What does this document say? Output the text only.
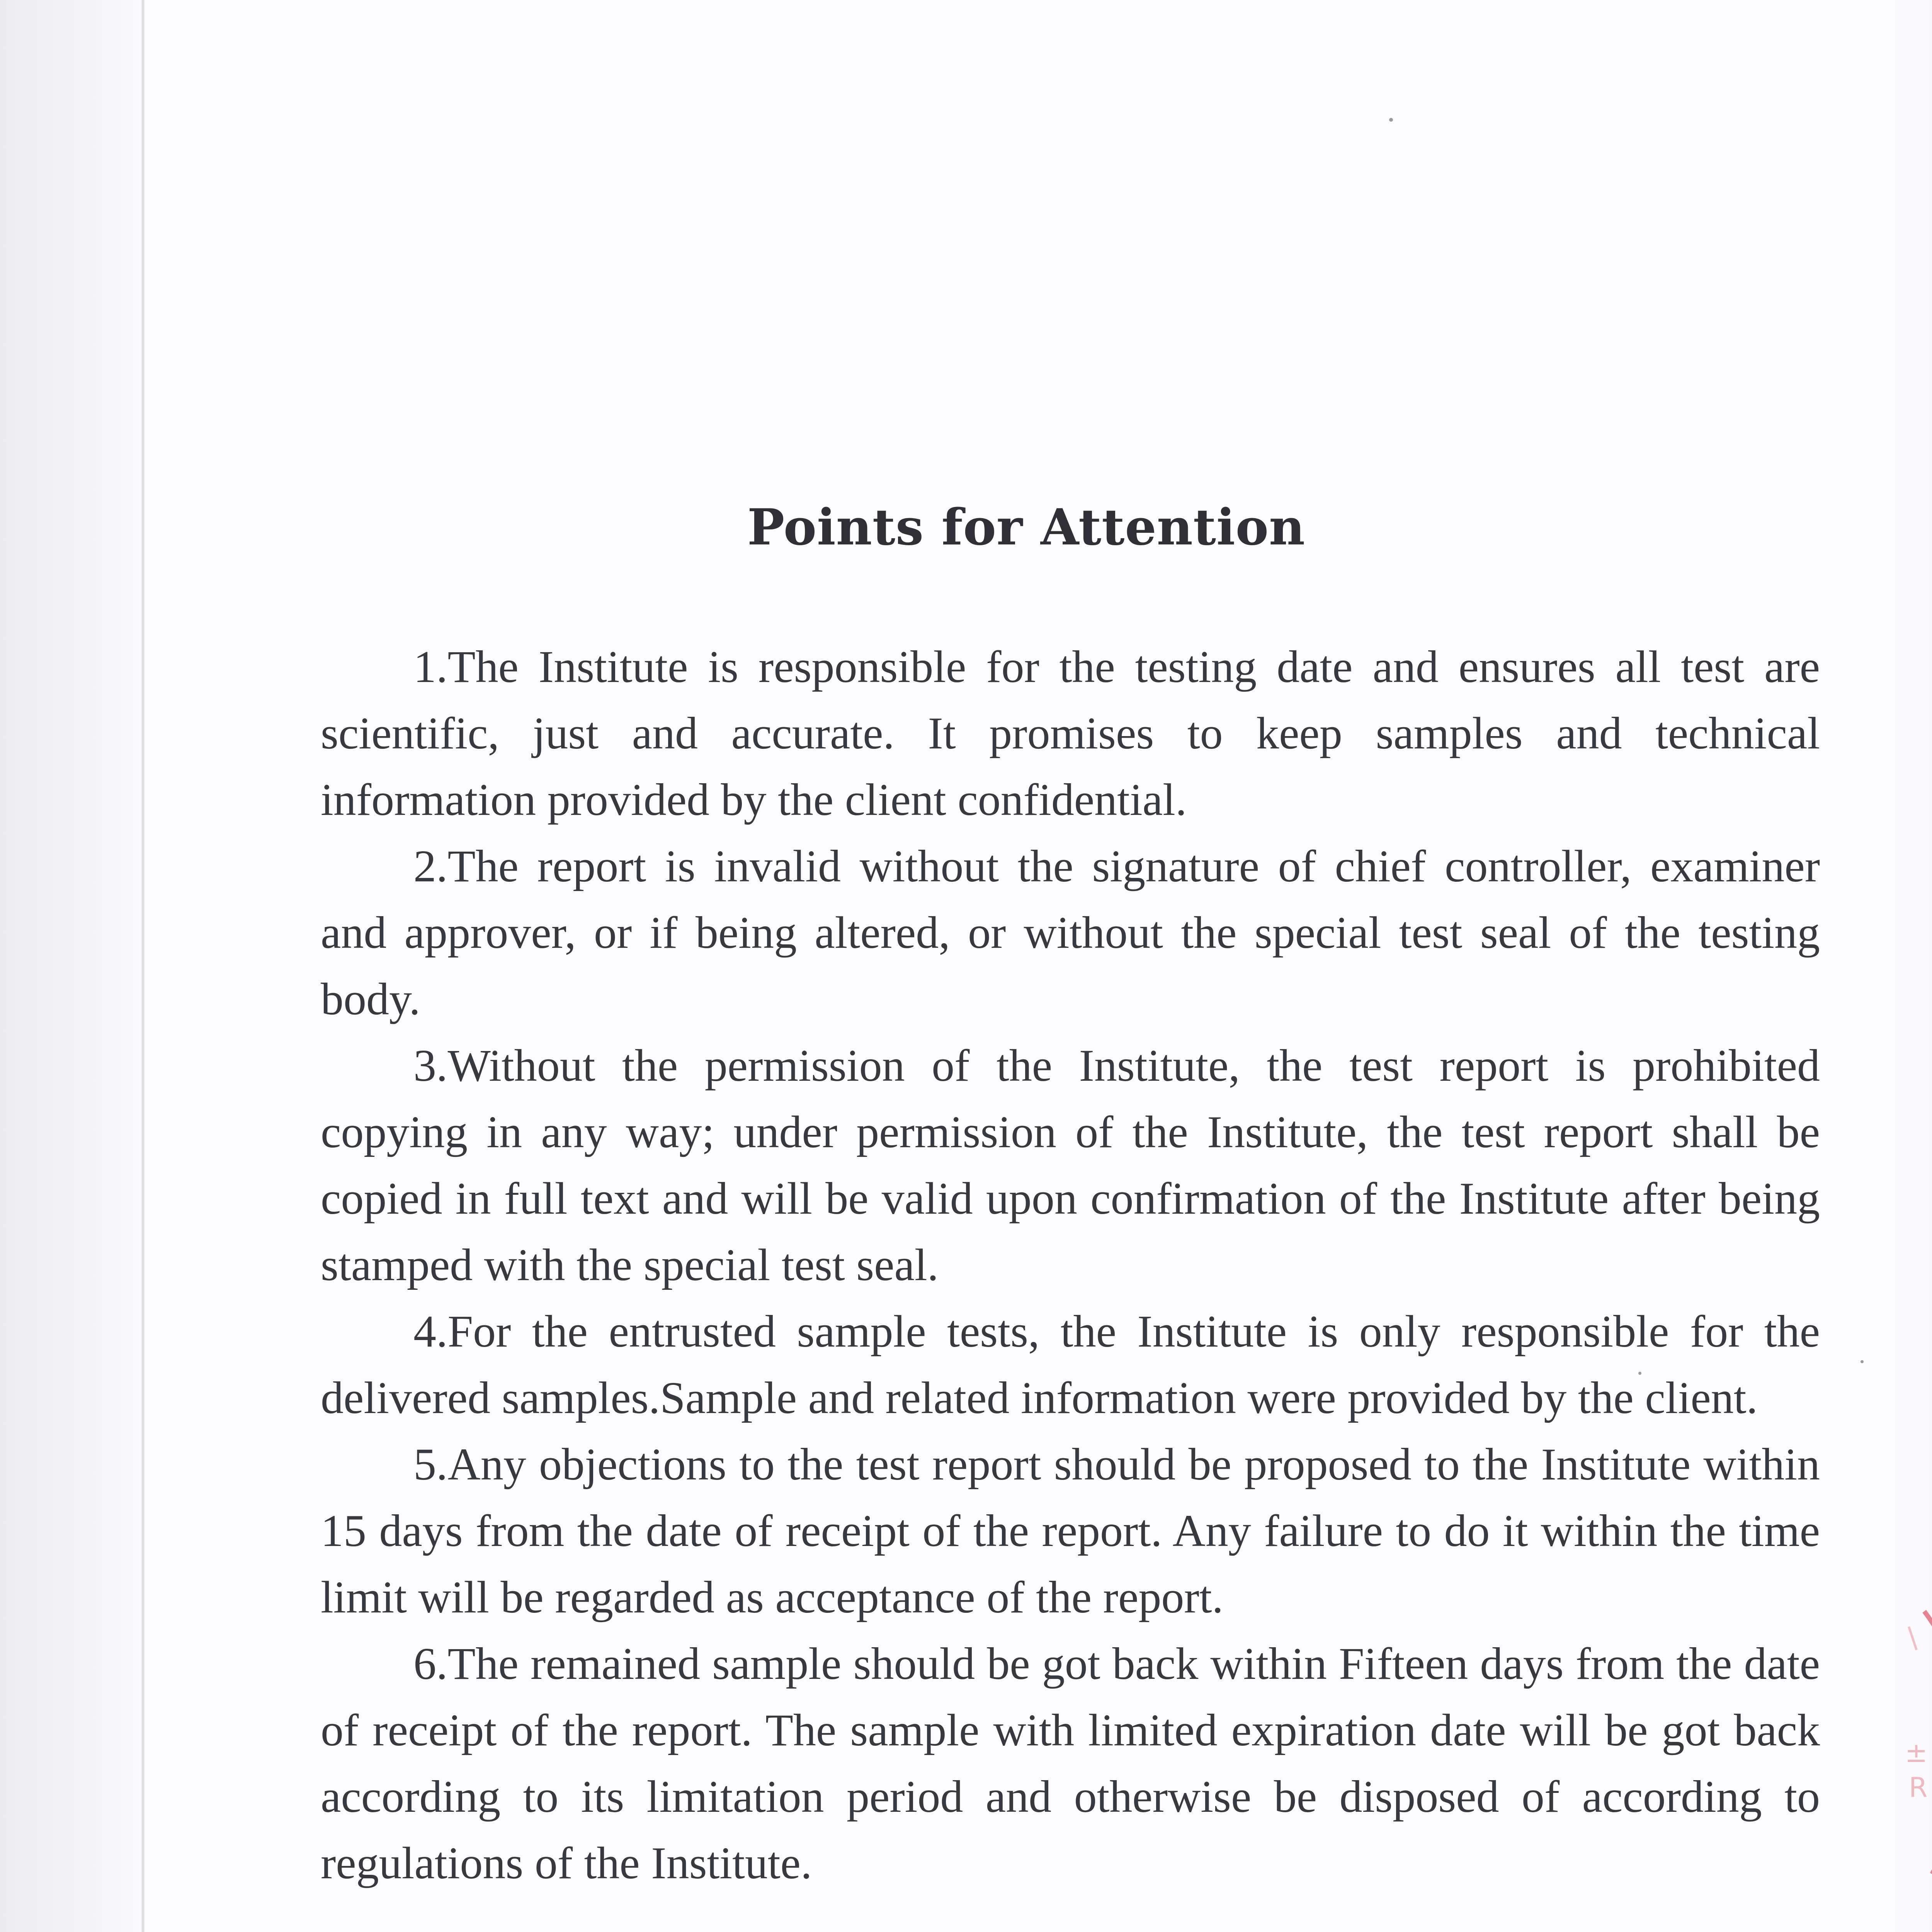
Points for Attention

1.The Institute is responsible for the testing date and ensures all test are scientific, just and accurate. It promises to keep samples and technical information provided by the client confidential.

2.The report is invalid without the signature of chief controller, examiner and approver, or if being altered, or without the special test seal of the testing body.

3.Without the permission of the Institute, the test report is prohibited copying in any way; under permission of the Institute, the test report shall be copied in full text and will be valid upon confirmation of the Institute after being stamped with the special test seal.

4.For the entrusted sample tests, the Institute is only responsible for the delivered samples.Sample and related information were provided by the client.

5.Any objections to the test report should be proposed to the Institute within 15 days from the date of receipt of the report. Any failure to do it within the time limit will be regarded as acceptance of the report.

6.The remained sample should be got back within Fifteen days from the date of receipt of the report. The sample with limited expiration date will be got back according to its limitation period and otherwise be disposed of according to regulations of the Institute.

±
R
